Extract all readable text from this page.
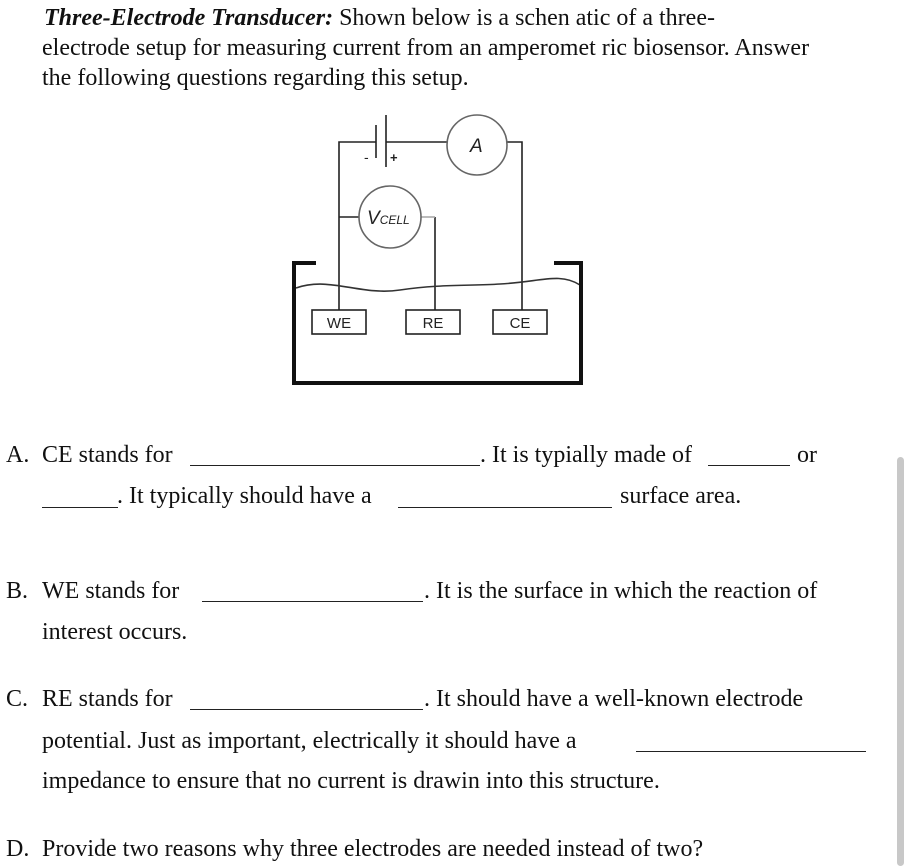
Three-Electrode Transducer: Shown below is a schen atic of a three-
electrode setup for measuring current from an amperomet ric biosensor. Answer
the following questions regarding this setup.
A
VCELL
- +
WE	RE	CE
A. CE stands for	. It is typially made of	or
. It typically should have a	surface area.
B. WE stands for	. It is the surface in which the reaction of
interest occurs.
C. RE stands for	. It should have a well-known electrode
potential. Just as important, electrically it should have a
impedance to ensure that no current is drawin into this structure.
D. Provide two reasons why three electrodes are needed instead of two?
